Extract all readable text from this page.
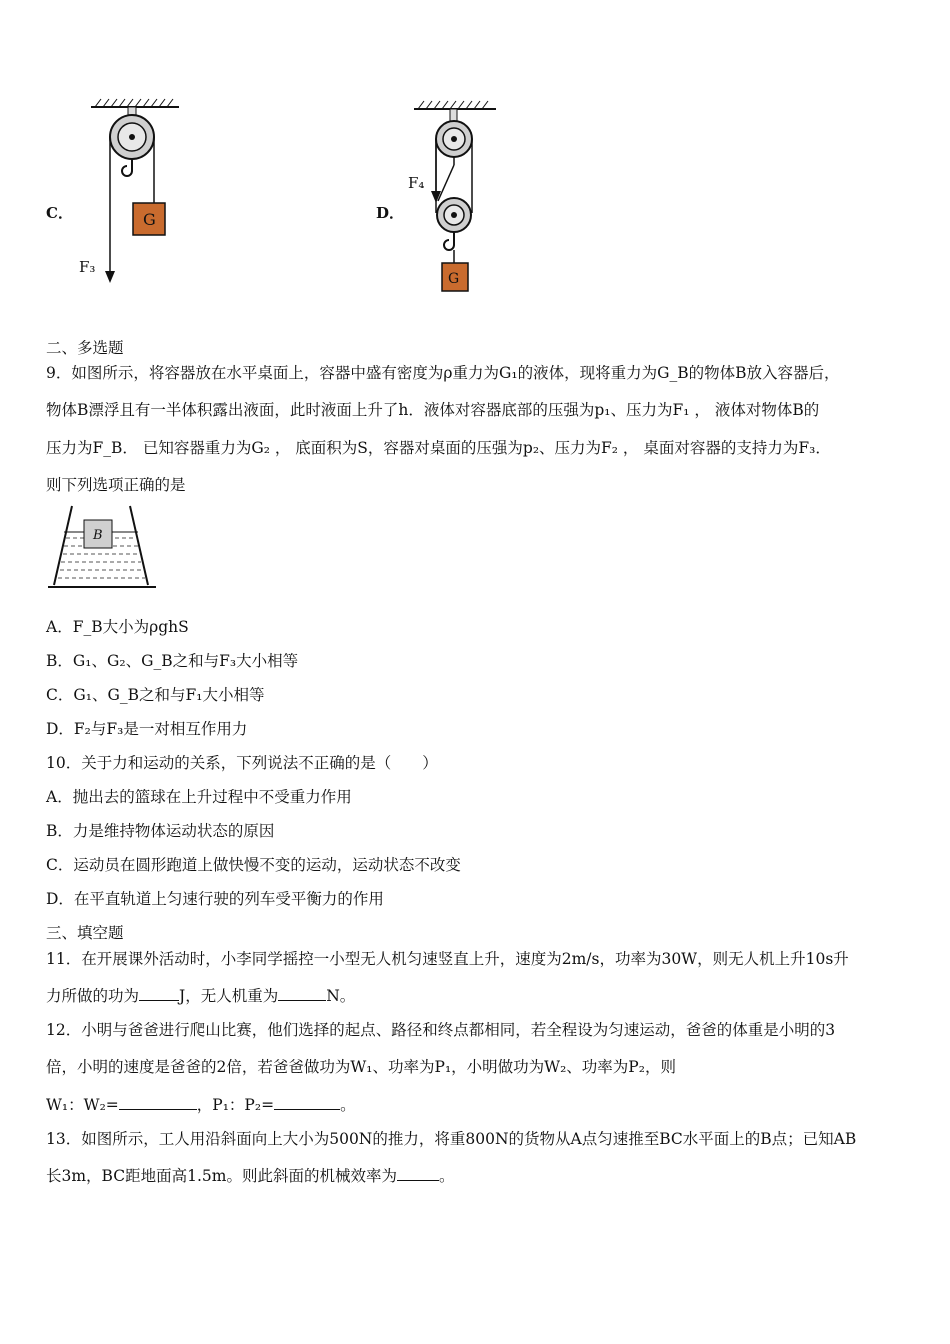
C．	G
F₃
D．
G
F₄
二、多选题
9．如图所示，将容器放在水平桌面上，容器中盛有密度为ρ重力为G₁的液体，现将重力为G_B的物体B放入容器后，
物体B漂浮且有一半体积露出液面，此时液面上升了h．液体对容器底部的压强为p₁、压力为F₁ ， 液体对物体B的
压力为F_B． 已知容器重力为G₂ ， 底面积为S，容器对桌面的压强为p₂、压力为F₂ ， 桌面对容器的支持力为F₃．
则下列选项正确的是
B
A．F_B大小为ρghS
B．G₁、G₂、G_B之和与F₃大小相等
C．G₁、G_B之和与F₁大小相等
D．F₂与F₃是一对相互作用力
10．关于力和运动的关系，下列说法不正确的是（　　）
A．抛出去的篮球在上升过程中不受重力作用
B．力是维持物体运动状态的原因
C．运动员在圆形跑道上做快慢不变的运动，运动状态不改变
D．在平直轨道上匀速行驶的列车受平衡力的作用
三、填空题
11．在开展课外活动时，小李同学摇控一小型无人机匀速竖直上升，速度为2m/s，功率为30W，则无人机上升10s升
力所做的功为	J，无人机重为	N。
12．小明与爸爸进行爬山比赛，他们选择的起点、路径和终点都相同，若全程设为匀速运动，爸爸的体重是小明的3
倍，小明的速度是爸爸的2倍，若爸爸做功为W₁、功率为P₁，小明做功为W₂、功率为P₂，则
W₁：W₂=	，P₁：P₂=	。
13．如图所示，工人用沿斜面向上大小为500N的推力，将重800N的货物从A点匀速推至BC水平面上的B点；已知AB
长3m，BC距地面高1.5m。则此斜面的机械效率为	。
